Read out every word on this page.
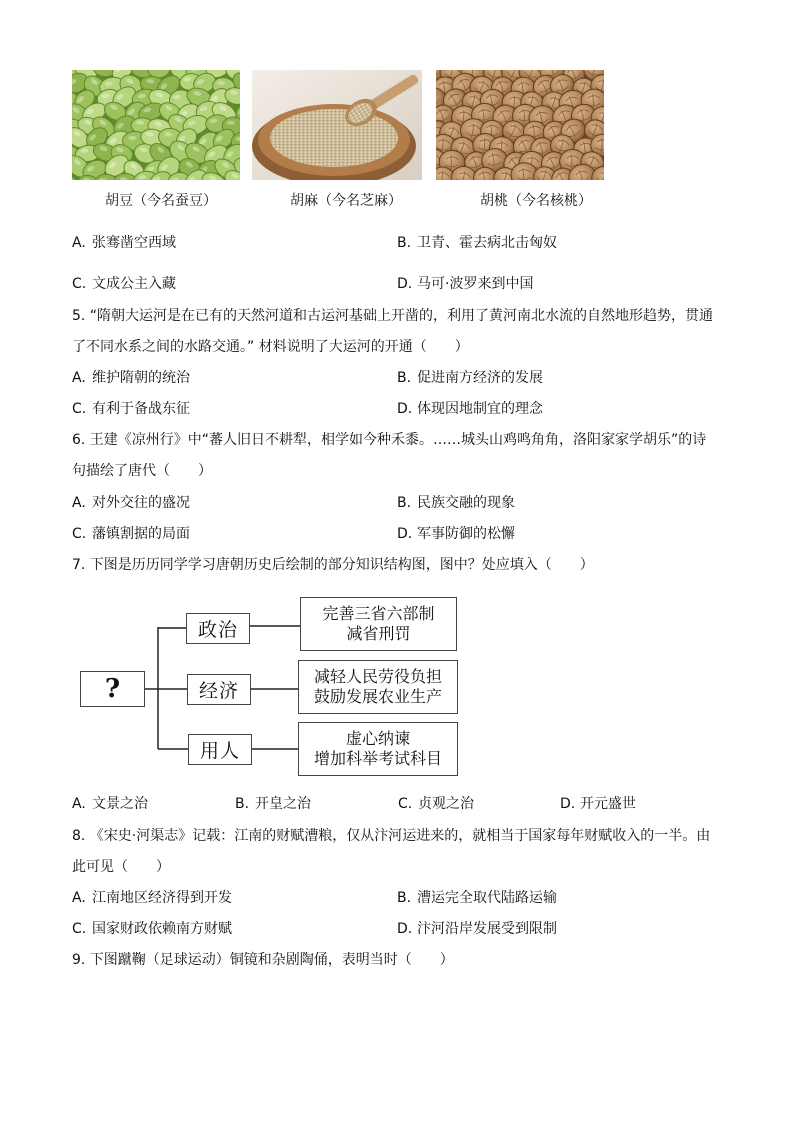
胡豆（今名蚕豆）	胡麻（今名芝麻）	胡桃（今名核桃）
A. 张骞凿空西域	B. 卫青、霍去病北击匈奴
C. 文成公主入藏	D. 马可·波罗来到中国
5. “隋朝大运河是在已有的天然河道和古运河基础上开凿的，利用了黄河南北水流的自然地形趋势，贯通
了不同水系之间的水路交通。” 材料说明了大运河的开通（　　）
A. 维护隋朝的统治	B. 促进南方经济的发展
C. 有利于备战东征	D. 体现因地制宜的理念
6. 王建《凉州行》中“蕃人旧日不耕犁，相学如今种禾黍。……城头山鸡鸣角角，洛阳家家学胡乐”的诗
句描绘了唐代（　　）
A. 对外交往的盛况	B. 民族交融的现象
C. 藩镇割据的局面	D. 军事防御的松懈
7. 下图是历历同学学习唐朝历史后绘制的部分知识结构图，图中？处应填入（　　）
?
政治
经济
用人
完善三省六部制
减省刑罚
减轻人民劳役负担
鼓励发展农业生产
虚心纳谏
增加科举考试科目
A. 文景之治	B. 开皇之治	C. 贞观之治	D. 开元盛世
8. 《宋史·河渠志》记载：江南的财赋漕粮，仅从汴河运进来的，就相当于国家每年财赋收入的一半。由
此可见（　　）
A. 江南地区经济得到开发	B. 漕运完全取代陆路运输
C. 国家财政依赖南方财赋	D. 汴河沿岸发展受到限制
9. 下图蹴鞠（足球运动）铜镜和杂剧陶俑，表明当时（　　）
